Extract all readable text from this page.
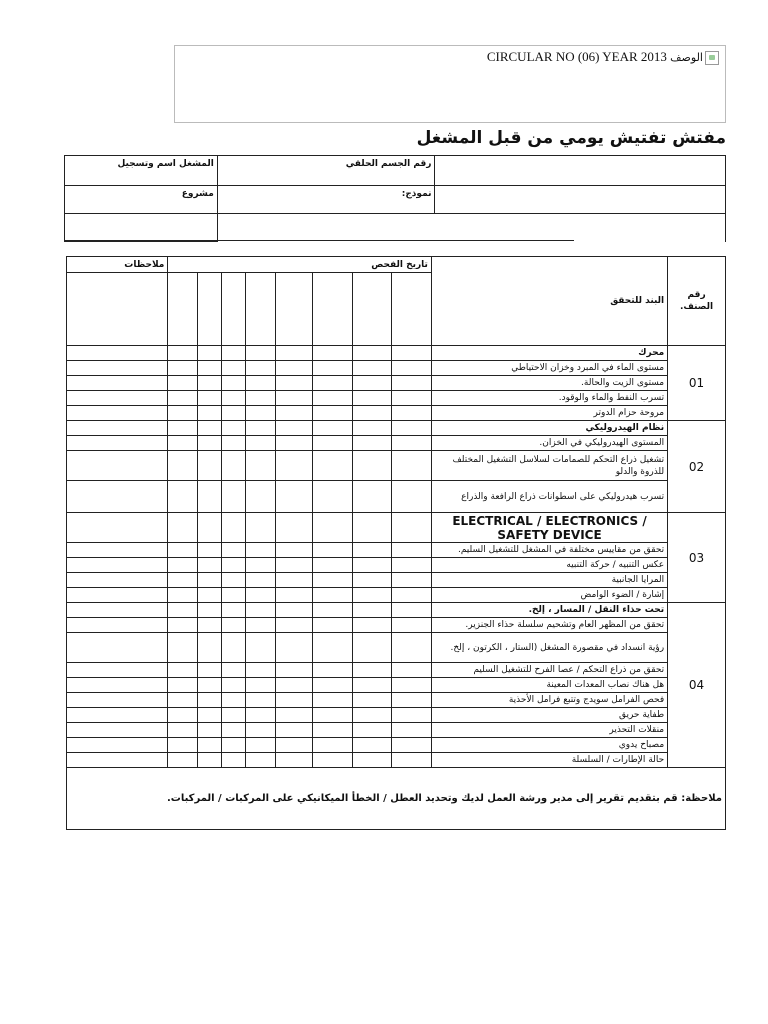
CIRCULAR NO (06) YEAR 2013 الوصف
مفتش تفتيش يومي من قبل المشغل
المشغل اسم وتسجيل	رقم الجسم الحلقي	
مشروع	نموذج:	

ملاحظات	تاريخ الفحص								البند للتحقق	رقم الصنف.

									محرك	01
									مستوى الماء في المبرد وخزان الاحتياطي	
									مستوى الزيت والحالة.	
									تسرب النفط والماء والوقود.	
									مروحة حزام الدوتر	
									نظام الهيدروليكي	02
									المستوى الهيدروليكي في الخزان.	
									تشغيل ذراع التحكم للصمامات لسلاسل التشغيل المختلف للذروة والدلو	
									تسرب هيدروليكي على اسطوانات ذراع الرافعة والذراع	
									ELECTRICAL / ELECTRONICS / SAFETY DEVICE	03
									تحقق من مقاييس مختلفة في المشغل للتشغيل السليم.	
									عكس التنبيه / حركة التنبيه	
									المرايا الجانبية	
									إشارة / الضوء الوامض	
									تحت حذاء النقل / المسار ، إلخ.	04
									تحقق من المظهر العام وتشحيم سلسلة حذاء الجنزير.	
									رؤية انسداد في مقصورة المشغل (الستار ، الكرتون ، إلخ.	
									تحقق من ذراع التحكم / عصا الفرح للتشغيل السليم	
									هل هناك نصاب المعدات المعينة	
									فحص الفرامل سويدج وتتبع فرامل الأحذية	
									طفاية حريق	
									منقلات التحذير	
									مصباح يدوي	
									حالة الإطارات / السلسلة	
ملاحظة: قم بتقديم تقرير إلى مدير ورشة العمل لديك وتحديد العطل / الخطأ الميكانيكي على المركبات / المركبات.										
